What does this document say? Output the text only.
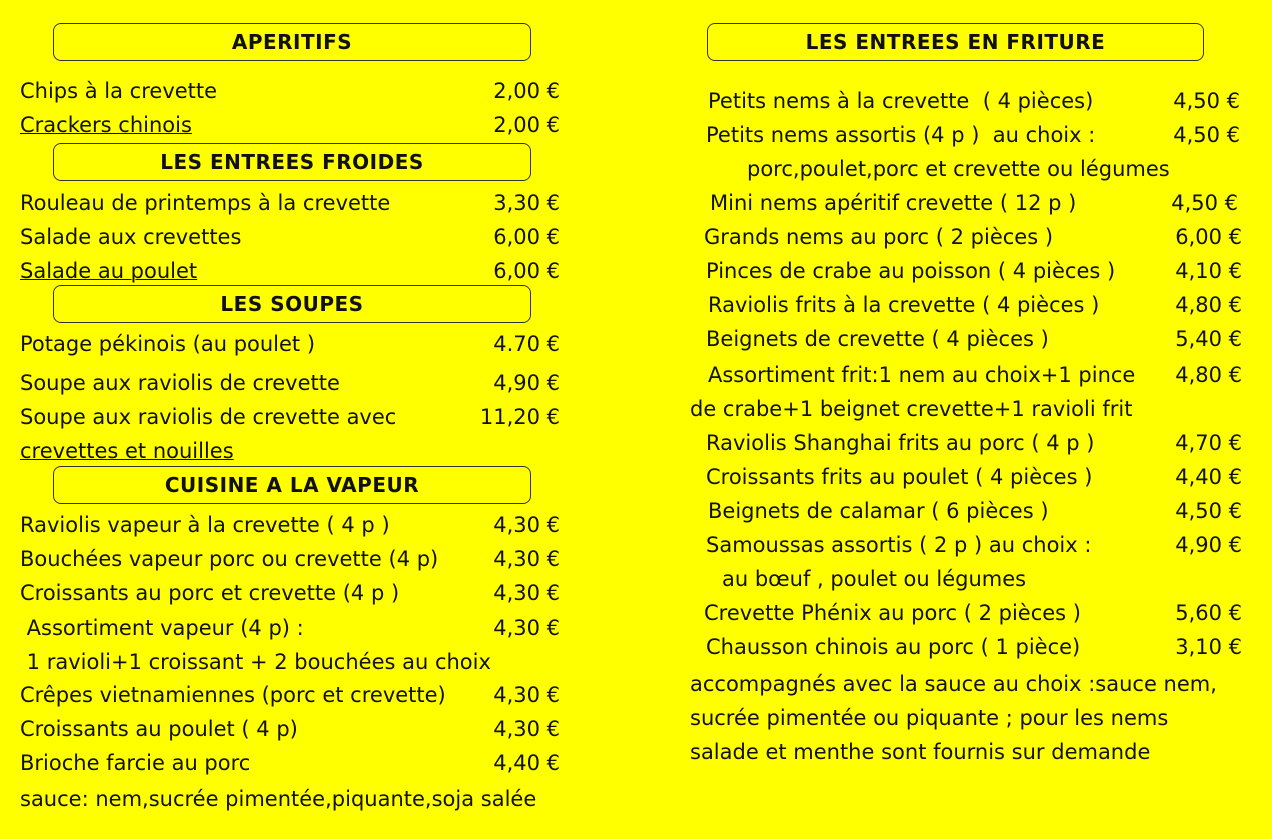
APERITIFS
Chips à la crevette	2,00 €
Crackers chinois	2,00 €
LES ENTREES FROIDES
Rouleau de printemps à la crevette	3,30 €
Salade aux crevettes	6,00 €
Salade au poulet	6,00 €
LES SOUPES
Potage pékinois (au poulet )	4.70 €
Soupe aux raviolis de crevette	4,90 €
Soupe aux raviolis de crevette avec	11,20 €
crevettes et nouilles
CUISINE A LA VAPEUR
Raviolis vapeur à la crevette ( 4 p )	4,30 €
Bouchées vapeur porc ou crevette (4 p)	4,30 €
Croissants au porc et crevette (4 p )	4,30 €
Assortiment vapeur (4 p) :	4,30 €
1 ravioli+1 croissant + 2 bouchées au choix
Crêpes vietnamiennes (porc et crevette) 4,30 €
Croissants au poulet ( 4 p)	4,30 €
Brioche farcie au porc	4,40 €
sauce: nem,sucrée pimentée,piquante,soja salée
LES ENTREES EN FRITURE
Petits nems à la crevette  ( 4 pièces)	4,50 €
Petits nems assortis (4 p )  au choix :	4,50 €
porc,poulet,porc et crevette ou légumes
Mini nems apéritif crevette ( 12 p )	4,50 €
Grands nems au porc ( 2 pièces )	6,00 €
Pinces de crabe au poisson ( 4 pièces )	4,10 €
Raviolis frits à la crevette ( 4 pièces )	4,80 €
Beignets de crevette ( 4 pièces )	5,40 €
Assortiment frit:1 nem au choix+1 pince 4,80 €
de crabe+1 beignet crevette+1 ravioli frit
Raviolis Shanghai frits au porc ( 4 p )	4,70 €
Croissants frits au poulet ( 4 pièces )	4,40 €
Beignets de calamar ( 6 pièces )	4,50 €
Samoussas assortis ( 2 p ) au choix :	4,90 €
au bœuf , poulet ou légumes
Crevette Phénix au porc ( 2 pièces )	5,60 €
Chausson chinois au porc ( 1 pièce)	3,10 €
accompagnés avec la sauce au choix :sauce nem,
sucrée pimentée ou piquante ; pour les nems
salade et menthe sont fournis sur demande
